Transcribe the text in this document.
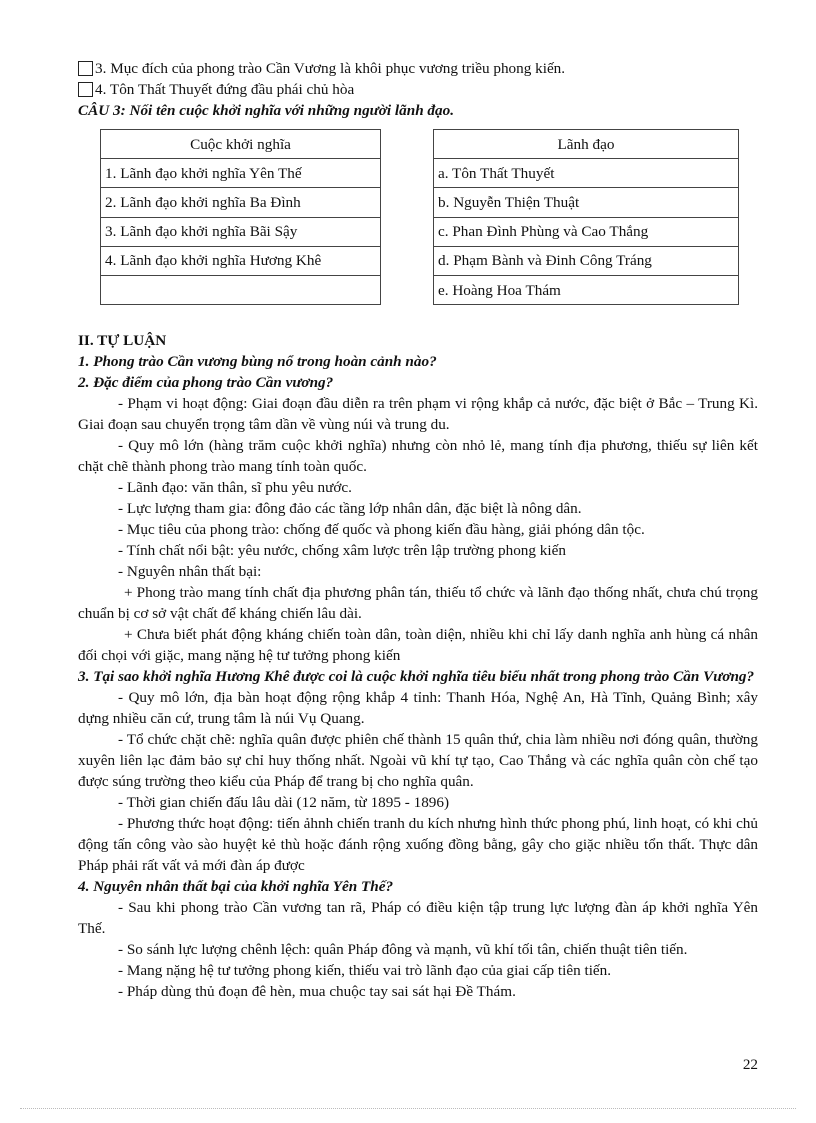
3. Mục đích của phong trào Cần Vương là khôi phục vương triều phong kiến.
4. Tôn Thất Thuyết đứng đầu phái chủ hòa
CÂU 3: Nối tên cuộc khởi nghĩa với những người lãnh đạo.
Cuộc khởi nghĩa
1. Lãnh đạo khởi nghĩa Yên Thế
2. Lãnh đạo khởi nghĩa Ba Đình
3. Lãnh đạo khởi nghĩa Bãi Sậy
4. Lãnh đạo khởi nghĩa Hương Khê

Lãnh đạo
a. Tôn Thất Thuyết
b. Nguyễn Thiện Thuật
c. Phan Đình Phùng và Cao Thắng
d. Phạm Bành và Đinh Công Tráng
e. Hoàng Hoa Thám
II. TỰ LUẬN
1. Phong trào Cần vương bùng nổ trong hoàn cảnh nào?
2. Đặc điểm của phong trào Cần vương?

- Phạm vi hoạt động: Giai đoạn đầu diễn ra trên phạm vi rộng khắp cả nước, đặc biệt ở Bắc – Trung Kì. Giai đoạn sau chuyển trọng tâm dần về vùng núi và trung du.

- Quy mô lớn (hàng trăm cuộc khởi nghĩa) nhưng còn nhỏ lẻ, mang tính địa phương, thiếu sự liên kết chặt chẽ thành phong trào mang tính toàn quốc.

- Lãnh đạo: văn thân, sĩ phu yêu nước.

- Lực lượng tham gia: đông đảo các tầng lớp nhân dân, đặc biệt là nông dân.

- Mục tiêu của phong trào: chống đế quốc và phong kiến đầu hàng, giải phóng dân tộc.

- Tính chất nổi bật: yêu nước, chống xâm lược trên lập trường phong kiến

- Nguyên nhân thất bại:

+ Phong trào mang tính chất địa phương phân tán, thiếu tổ chức và lãnh đạo thống nhất, chưa chú trọng chuẩn bị cơ sở vật chất để kháng chiến lâu dài.

+ Chưa biết phát động kháng chiến toàn dân, toàn diện, nhiều khi chỉ lấy danh nghĩa anh hùng cá nhân đối chọi với giặc, mang nặng hệ tư tưởng phong kiến

3. Tại sao khởi nghĩa Hương Khê được coi là cuộc khởi nghĩa tiêu biểu nhất trong phong trào Cần Vương?

- Quy mô lớn, địa bàn hoạt động rộng khắp 4 tỉnh: Thanh Hóa, Nghệ An, Hà Tĩnh, Quảng Bình; xây dựng nhiều căn cứ, trung tâm là núi Vụ Quang.

- Tổ chức chặt chẽ: nghĩa quân được phiên chế thành 15 quân thứ, chia làm nhiều nơi đóng quân, thường xuyên liên lạc đảm bảo sự chỉ huy thống nhất. Ngoài vũ khí tự tạo, Cao Thắng và các nghĩa quân còn chế tạo được súng trường theo kiểu của Pháp để trang bị cho nghĩa quân.

- Thời gian chiến đấu lâu dài (12 năm, từ 1895 - 1896)

- Phương thức hoạt động: tiến ảhnh chiến tranh du kích nhưng hình thức phong phú, linh hoạt, có khi chủ động tấn công vào sào huyệt kẻ thù hoặc đánh rộng xuống đồng bằng, gây cho giặc nhiều tổn thất. Thực dân Pháp phải rất vất vả mới đàn áp được

4. Nguyên nhân thất bại của khởi nghĩa Yên Thế?

- Sau khi phong trào Cần vương tan rã, Pháp có điều kiện tập trung lực lượng đàn áp khởi nghĩa Yên Thế.

- So sánh lực lượng chênh lệch: quân Pháp đông và mạnh, vũ khí tối tân, chiến thuật tiên tiến.

- Mang nặng hệ tư tưởng phong kiến, thiếu vai trò lãnh đạo của giai cấp tiên tiến.

- Pháp dùng thủ đoạn đê hèn, mua chuộc tay sai sát hại Đề Thám.

22
